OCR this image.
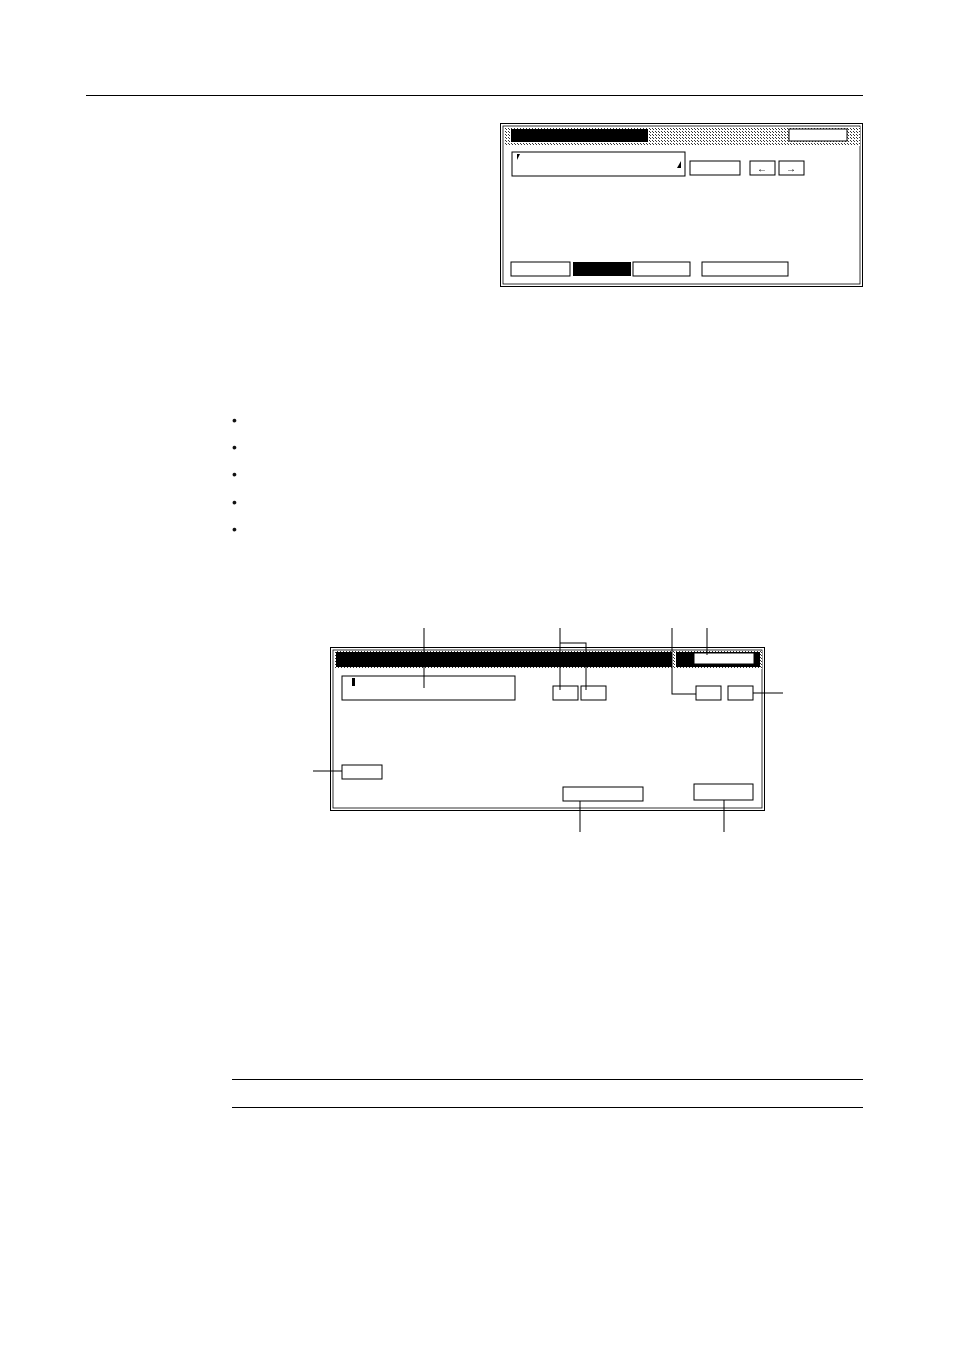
← →
•
•
•
•
•
